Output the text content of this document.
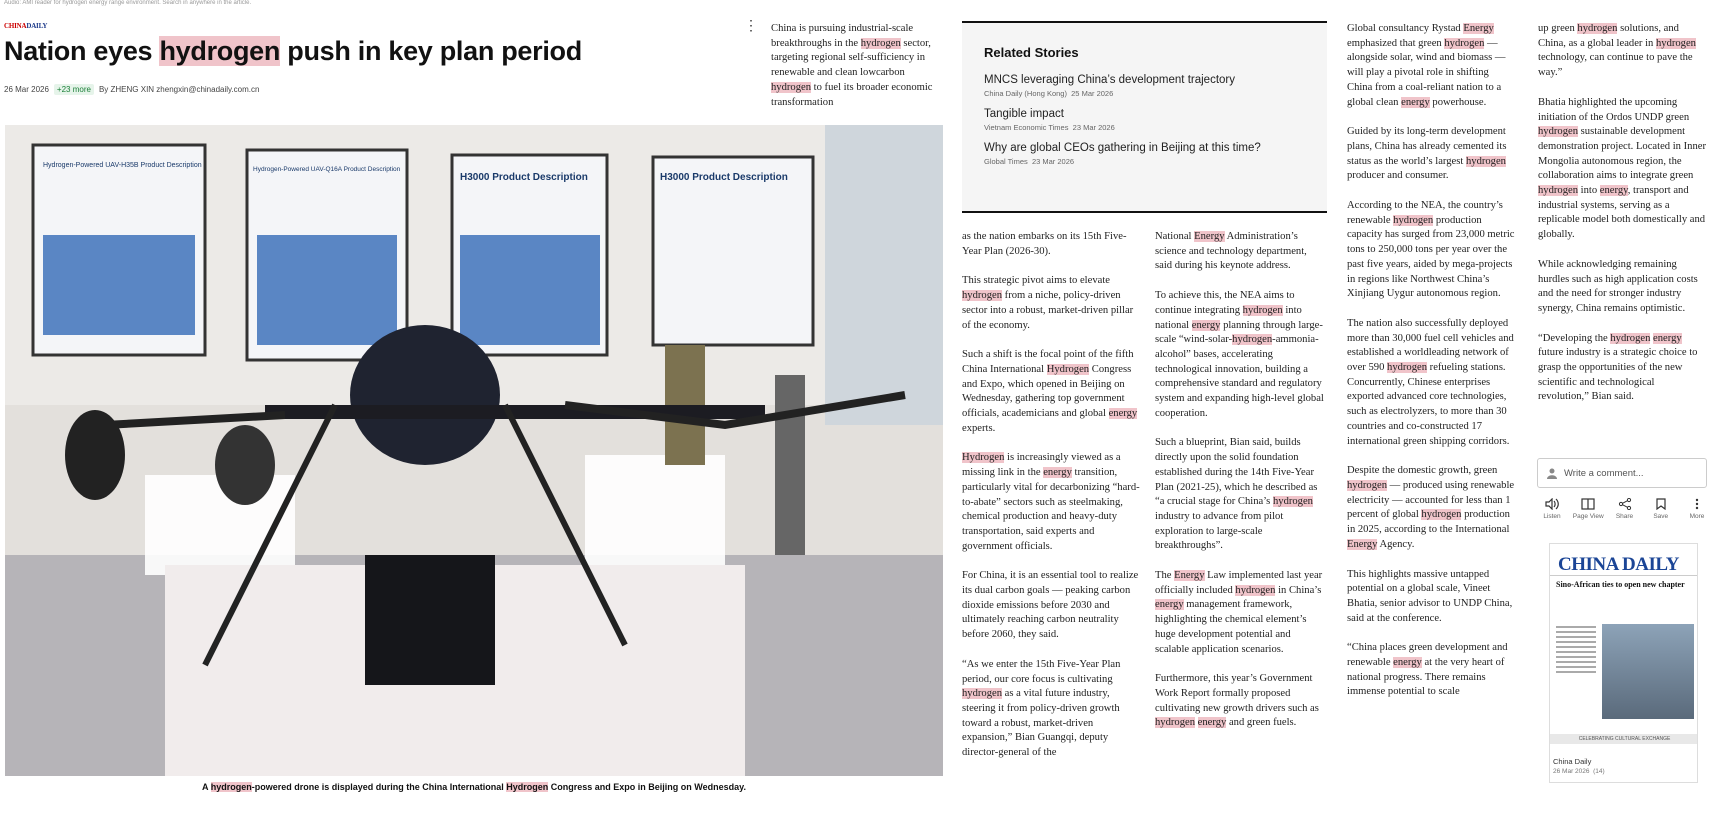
Audio: AMI reader for hydrogen energy range environment. Search in anywhere in the article.
CHINADAILY
Nation eyes hydrogen push in key plan period
26 Mar 2026	+23 more	By ZHENG XIN zhengxin@chinadaily.com.cn
⋮ China is pursuing industrial-scale breakthroughs in the hydrogen sector, targeting regional self-sufficiency in renewable and clean lowcarbon hydrogen to fuel its broader economic transformation

Hydrogen-Powered UAV-H35B Product Description
Hydrogen-Powered UAV-Q16A Product Description
H3000 Product Description	H3000 Product Description
A hydrogen-powered drone is displayed during the China International Hydrogen Congress and Expo in Beijing on Wednesday.
Related Stories
MNCS leveraging China’s development trajectory
China Daily (Hong Kong) 25 Mar 2026
Tangible impact
Vietnam Economic Times 23 Mar 2026
Why are global CEOs gathering in Beijing at this time?
Global Times 23 Mar 2026

as the nation embarks on its 15th Five-Year Plan (2026-30).

This strategic pivot aims to elevate hydrogen from a niche, policy-driven sector into a robust, market-driven pillar of the economy.

Such a shift is the focal point of the fifth China International Hydrogen Congress and Expo, which opened in Beijing on Wednesday, gathering top government officials, academicians and global energy experts.

Hydrogen is increasingly viewed as a missing link in the energy transition, particularly vital for decarbonizing “hard-to-abate” sectors such as steelmaking, chemical production and heavy-duty transportation, said experts and government officials.

For China, it is an essential tool to realize its dual carbon goals — peaking carbon dioxide emissions before 2030 and ultimately reaching carbon neutrality before 2060, they said.

“As we enter the 15th Five-Year Plan period, our core focus is cultivating hydrogen as a vital future industry, steering it from policy-driven growth toward a robust, market-driven expansion,” Bian Guangqi, deputy director-general of the

National Energy Administration’s science and technology department, said during his keynote address.

To achieve this, the NEA aims to continue integrating hydrogen into national energy planning through large-scale “wind-solar-hydrogen-ammonia-alcohol” bases, accelerating technological innovation, building a comprehensive standard and regulatory system and expanding high-level global cooperation.

Such a blueprint, Bian said, builds directly upon the solid foundation established during the 14th Five-Year Plan (2021-25), which he described as “a crucial stage for China’s hydrogen industry to advance from pilot exploration to large-scale breakthroughs”.

The Energy Law implemented last year officially included hydrogen in China’s energy management framework, highlighting the chemical element’s huge development potential and scalable application scenarios.

Furthermore, this year’s Government Work Report formally proposed cultivating new growth drivers such as hydrogen energy and green fuels.

Global consultancy Rystad Energy emphasized that green hydrogen — alongside solar, wind and biomass — will play a pivotal role in shifting China from a coal-reliant nation to a global clean energy powerhouse.

Guided by its long-term development plans, China has already cemented its status as the world’s largest hydrogen producer and consumer.

According to the NEA, the country’s renewable hydrogen production capacity has surged from 23,000 metric tons to 250,000 tons per year over the past five years, aided by mega-projects in regions like Northwest China’s Xinjiang Uygur autonomous region.

The nation also successfully deployed more than 30,000 fuel cell vehicles and established a worldleading network of over 590 hydrogen refueling stations. Concurrently, Chinese enterprises exported advanced core technologies, such as electrolyzers, to more than 30 countries and co-constructed 17 international green shipping corridors.

Despite the domestic growth, green hydrogen — produced using renewable electricity — accounted for less than 1 percent of global hydrogen production in 2025, according to the International Energy Agency.

This highlights massive untapped potential on a global scale, Vineet Bhatia, senior advisor to UNDP China, said at the conference.

“China places green development and renewable energy at the very heart of national progress. There remains immense potential to scale

up green hydrogen solutions, and China, as a global leader in hydrogen technology, can continue to pave the way.”

Bhatia highlighted the upcoming initiation of the Ordos UNDP green hydrogen sustainable development demonstration project. Located in Inner Mongolia autonomous region, the collaboration aims to integrate green hydrogen into energy, transport and industrial systems, serving as a replicable model both domestically and globally.

While acknowledging remaining hurdles such as high application costs and the need for stronger industry synergy, China remains optimistic.

“Developing the hydrogen energy future industry is a strategic choice to grasp the opportunities of the new scientific and technological revolution,” Bian said.

Write a comment...
Listen Page View Share	Save	More
CHINA DAILY
Sino-African ties to open new chapter
CELEBRATING CULTURAL EXCHANGE
China Daily
26 Mar 2026 (14)
